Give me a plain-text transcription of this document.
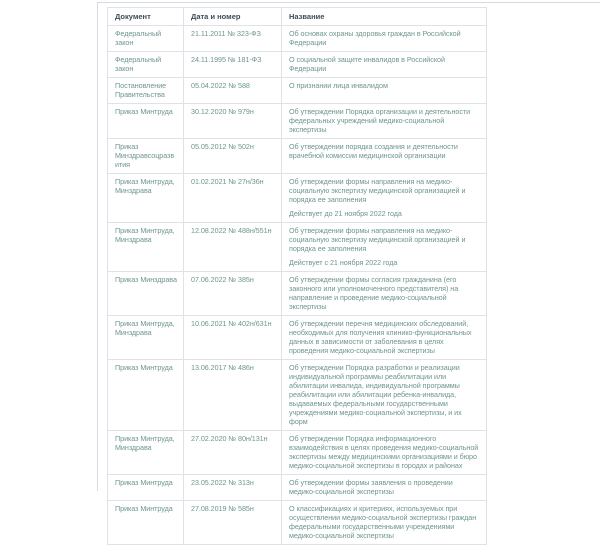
Документ	Дата и номер	Название
Федеральный закон	21.11.2011 № 323-ФЗ	Об основах охраны здоровья граждан в Российской Федерации

Федеральный закон	24.11.1995 № 181-ФЗ	О социальной защите инвалидов в Российской Федерации

Постановление Правительства	05.04.2022 № 588	О признании лица инвалидом

Приказ Минтруда	30.12.2020 № 979н	Об утверждении Порядка организации и деятельности федеральных учреждений медико-социальной экспертизы

Приказ Минздравсоцразвития	05.05.2012 № 502н	Об утверждении порядка создания и деятельности врачебной комиссии медицинской организации

Приказ Минтруда, Минздрава	01.02.2021 № 27н/36н	Об утверждении формы направления на медико-социальную экспертизу медицинской организацией и порядка ее заполнения
Действует до 21 ноября 2022 года

Приказ Минтруда, Минздрава	12.08.2022 № 488н/551н	Об утверждении формы направления на медико-социальную экспертизу медицинской организацией и порядка ее заполнения
Действует с 21 ноября 2022 года

Приказ Минздрава	07.06.2022 № 385н	Об утверждении формы согласия гражданина (его законного или уполномоченного представителя) на направление и проведение медико-социальной экспертизы

Приказ Минтруда, Минздрава	10.06.2021 № 402н/631н	Об утверждении перечня медицинских обследований, необходимых для получения клинико-функциональных данных в зависимости от заболевания в целях проведения медико-социальной экспертизы

Приказ Минтруда	13.06.2017 № 486н	Об утверждении Порядка разработки и реализации индивидуальной программы реабилитации или абилитации инвалида, индивидуальной программы реабилитации или абилитации ребенка-инвалида, выдаваемых федеральными государственными учреждениями медико-социальной экспертизы, и их форм

Приказ Минтруда, Минздрава	27.02.2020 № 80н/131н	Об утверждении Порядка информационного взаимодействия в целях проведения медико-социальной экспертизы между медицинскими организациями и бюро медико-социальной экспертизы в городах и районах

Приказ Минтруда	23.05.2022 № 313н	Об утверждении формы заявления о проведении медико-социальной экспертизы

Приказ Минтруда	27.08.2019 № 585н	О классификациях и критериях, используемых при осуществлении медико-социальной экспертизы граждан федеральными государственными учреждениями медико-социальной экспертизы
